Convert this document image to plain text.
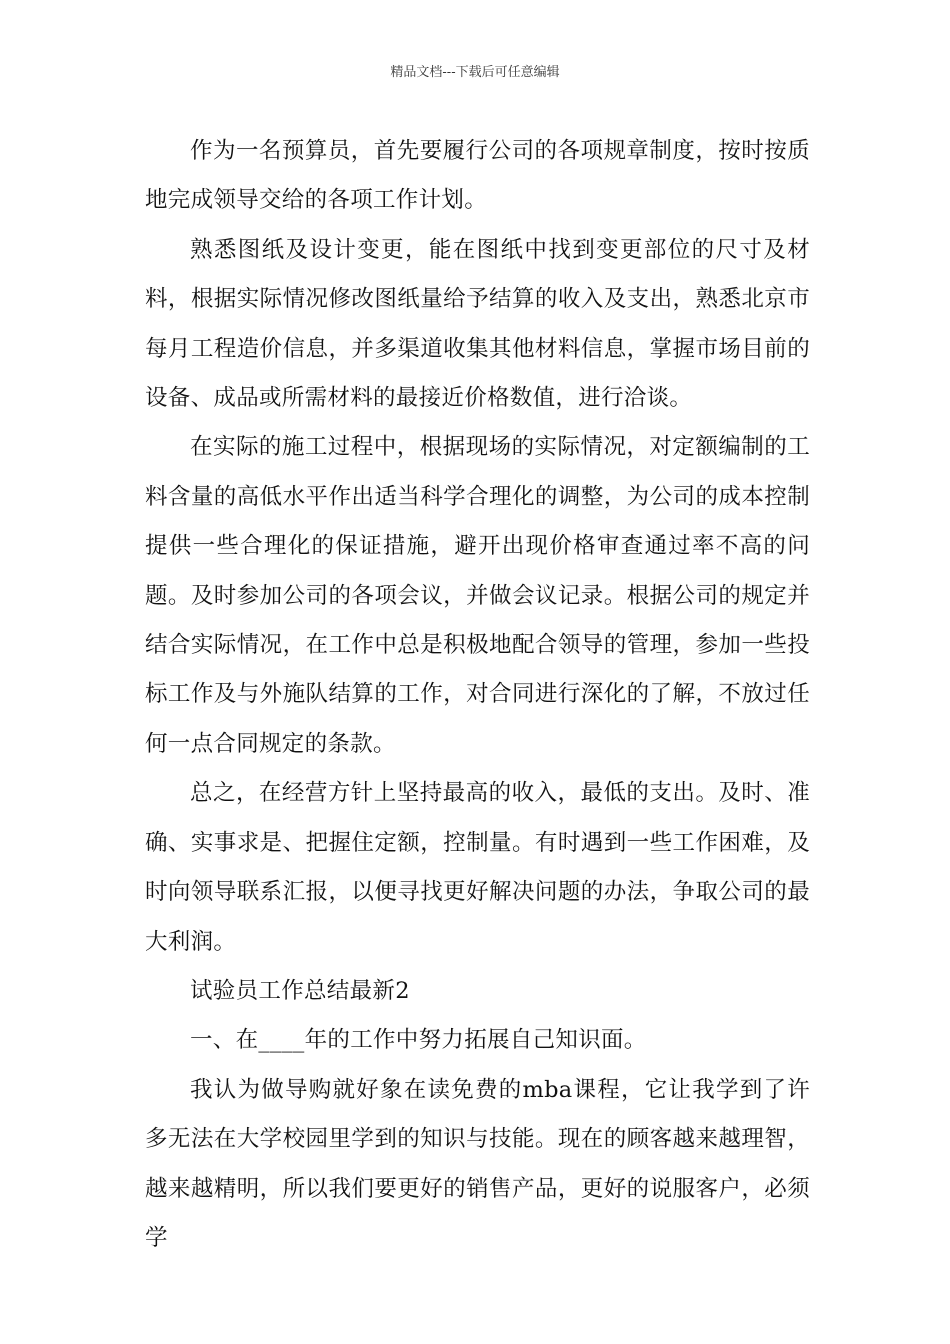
精品文档---下载后可任意编辑

作为一名预算员，首先要履行公司的各项规章制度，按时按质地完成领导交给的各项工作计划。

熟悉图纸及设计变更，能在图纸中找到变更部位的尺寸及材料，根据实际情况修改图纸量给予结算的收入及支出，熟悉北京市每月工程造价信息，并多渠道收集其他材料信息，掌握市场目前的设备、成品或所需材料的最接近价格数值，进行洽谈。

在实际的施工过程中，根据现场的实际情况，对定额编制的工料含量的高低水平作出适当科学合理化的调整，为公司的成本控制提供一些合理化的保证措施，避开出现价格审查通过率不高的问题。及时参加公司的各项会议，并做会议记录。根据公司的规定并结合实际情况，在工作中总是积极地配合领导的管理，参加一些投标工作及与外施队结算的工作，对合同进行深化的了解，不放过任何一点合同规定的条款。

总之，在经营方针上坚持最高的收入，最低的支出。及时、准确、实事求是、把握住定额，控制量。有时遇到一些工作困难，及时向领导联系汇报，以便寻找更好解决问题的办法，争取公司的最大利润。

试验员工作总结最新2

一、在____年的工作中努力拓展自己知识面。

我认为做导购就好象在读免费的mba课程，它让我学到了许多无法在大学校园里学到的知识与技能。现在的顾客越来越理智，越来越精明，所以我们要更好的销售产品，更好的说服客户，必须学
